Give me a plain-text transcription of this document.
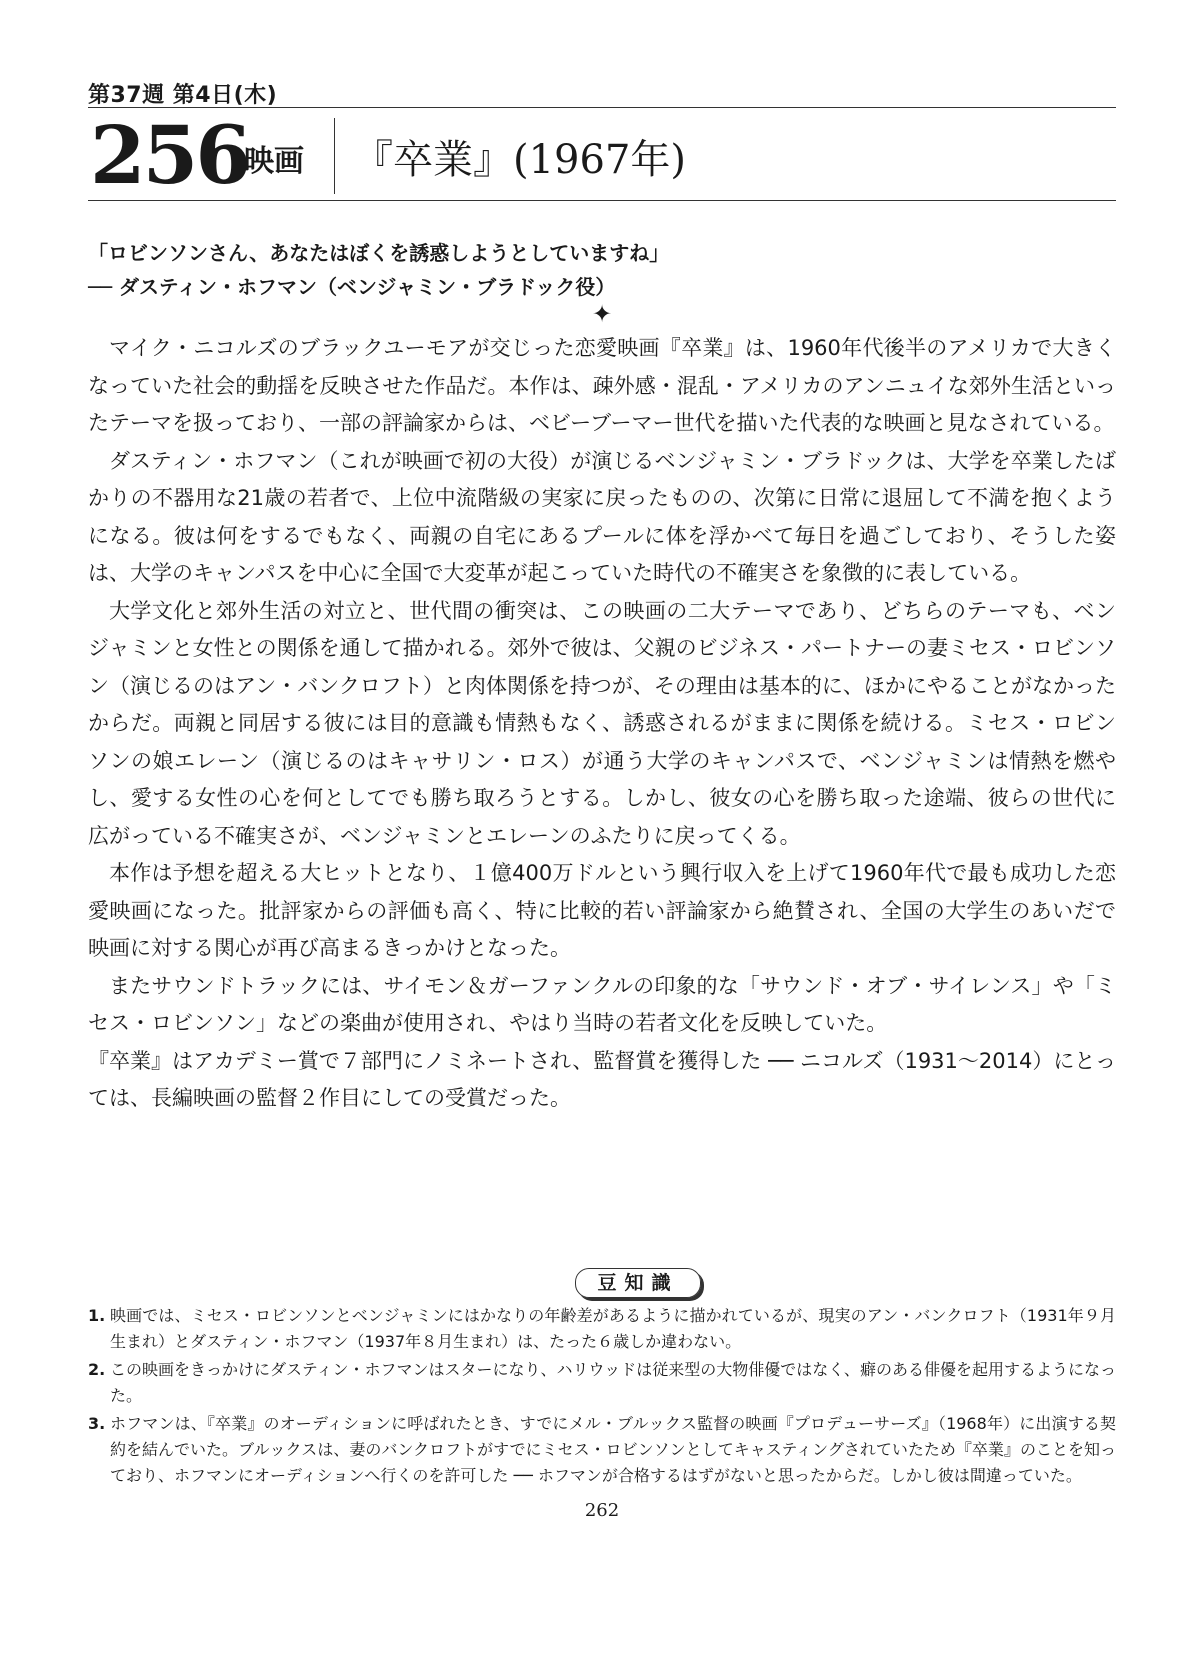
第37週 第4日(木)
256
映画 『卒業』(1967年)
「ロビンソンさん、あなたはぼくを誘惑しようとしていますね」
── ダスティン・ホフマン（ベンジャミン・ブラドック役）
✦

マイク・ニコルズのブラックユーモアが交じった恋愛映画『卒業』は、1960年代後半のアメリカで大きくなっていた社会的動揺を反映させた作品だ。本作は、疎外感・混乱・アメリカのアンニュイな郊外生活といったテーマを扱っており、一部の評論家からは、ベビーブーマー世代を描いた代表的な映画と見なされている。

ダスティン・ホフマン（これが映画で初の大役）が演じるベンジャミン・ブラドックは、大学を卒業したばかりの不器用な21歳の若者で、上位中流階級の実家に戻ったものの、次第に日常に退屈して不満を抱くようになる。彼は何をするでもなく、両親の自宅にあるプールに体を浮かべて毎日を過ごしており、そうした姿は、大学のキャンパスを中心に全国で大変革が起こっていた時代の不確実さを象徴的に表している。

大学文化と郊外生活の対立と、世代間の衝突は、この映画の二大テーマであり、どちらのテーマも、ベンジャミンと女性との関係を通して描かれる。郊外で彼は、父親のビジネス・パートナーの妻ミセス・ロビンソン（演じるのはアン・バンクロフト）と肉体関係を持つが、その理由は基本的に、ほかにやることがなかったからだ。両親と同居する彼には目的意識も情熱もなく、誘惑されるがままに関係を続ける。ミセス・ロビンソンの娘エレーン（演じるのはキャサリン・ロス）が通う大学のキャンパスで、ベンジャミンは情熱を燃やし、愛する女性の心を何としてでも勝ち取ろうとする。しかし、彼女の心を勝ち取った途端、彼らの世代に広がっている不確実さが、ベンジャミンとエレーンのふたりに戻ってくる。

本作は予想を超える大ヒットとなり、１億400万ドルという興行収入を上げて1960年代で最も成功した恋愛映画になった。批評家からの評価も高く、特に比較的若い評論家から絶賛され、全国の大学生のあいだで映画に対する関心が再び高まるきっかけとなった。

またサウンドトラックには、サイモン＆ガーファンクルの印象的な「サウンド・オブ・サイレンス」や「ミセス・ロビンソン」などの楽曲が使用され、やはり当時の若者文化を反映していた。

『卒業』はアカデミー賞で７部門にノミネートされ、監督賞を獲得した ── ニコルズ（1931～2014）にとっては、長編映画の監督２作目にしての受賞だった。

豆知識
1. 映画では、ミセス・ロビンソンとベンジャミンにはかなりの年齢差があるように描かれているが、現実のアン・バンクロフト（1931年９月生まれ）とダスティン・ホフマン（1937年８月生まれ）は、たった６歳しか違わない。
2. この映画をきっかけにダスティン・ホフマンはスターになり、ハリウッドは従来型の大物俳優ではなく、癖のある俳優を起用するようになった。
3. ホフマンは、『卒業』のオーディションに呼ばれたとき、すでにメル・ブルックス監督の映画『プロデューサーズ』（1968年）に出演する契約を結んでいた。ブルックスは、妻のバンクロフトがすでにミセス・ロビンソンとしてキャスティングされていたため『卒業』のことを知っており、ホフマンにオーディションへ行くのを許可した ── ホフマンが合格するはずがないと思ったからだ。しかし彼は間違っていた。
262
